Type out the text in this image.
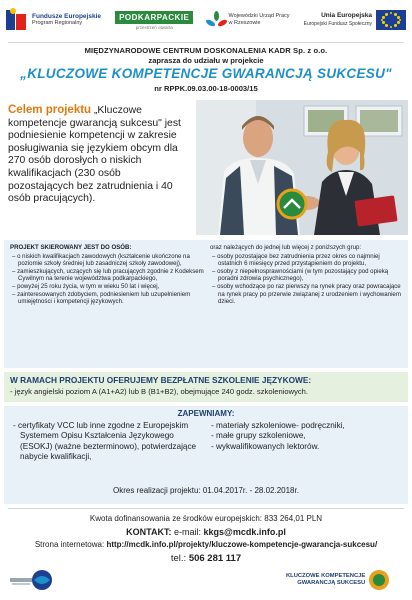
Fundusze Europejskie
Program Regionalny
PODKARPACKIE
przestrzeń otwarta
Wojewódzki Urząd Pracy
w Rzeszowie
Unia Europejska
Europejski Fundusz Społeczny
MIĘDZYNARODOWE CENTRUM DOSKONALENIA KADR Sp. z o.o.
zaprasza do udziału w projekcie
„KLUCZOWE KOMPETENCJE GWARANCJĄ SUKCESU"
nr RPPK.09.03.00-18-0003/15
Celem projektu „Kluczowe kompetencje gwarancją sukcesu" jest podniesienie kompetencji w zakresie posługiwania się językiem obcym dla 270 osób dorosłych o niskich kwalifikacjach (230 osób pozostających bez zatrudnienia i 40 osób pracujących).
PROJEKT SKIEROWANY JEST DO OSÓB:
– o niskich kwalifikacjach zawodowych (kształcenie ukończone na poziomie szkoły średniej lub zasadniczej szkoły zawodowej),
– zamieszkujących, uczących się lub pracujących zgodnie z Kodeksem Cywilnym na terenie województwa podkarpackiego,
– powyżej 25 roku życia, w tym w wieku 50 lat i więcej,
– zainteresowanych zdobyciem, podniesieniem lub uzupełnieniem umiejętności i kompetencji językowych.
oraz należących do jednej lub więcej z poniższych grup:
– osoby pozostające bez zatrudnienia przez okres co najmniej ostatnich 6 miesięcy przed przystąpieniem do projektu,
– osoby z niepełnosprawnościami (w tym pozostający pod opieką poradni zdrowia psychicznego),
– osoby wchodzące po raz pierwszy na rynek pracy oraz powracające na rynek pracy po przerwie związanej z urodzeniem i wychowaniem dzieci.
W RAMACH PROJEKTU OFERUJEMY BEZPŁATNE SZKOLENIE JĘZYKOWE:
- język angielski poziom A (A1+A2) lub B (B1+B2), obejmujące 240 godz. szkoleniowych.
ZAPEWNIAMY:
- certyfikaty VCC lub inne zgodne z Europejskim Systemem Opisu Kształcenia Językowego (ESOKJ) (ważne bezterminowo), potwierdzające nabycie kwalifikacji,
- materiały szkoleniowe- podręczniki,
- małe grupy szkoleniowe,
- wykwalifikowanych lektorów.
Okres realizacji projektu: 01.04.2017r. - 28.02.2018r.
Kwota dofinansowania ze środków europejskich: 833 264,01 PLN
KONTAKT: e-mail: kkgs@mcdk.info.pl
Strona internetowa: http://mcdk.info.pl/projekty/kluczowe-kompetencje-gwarancja-sukcesu/
tel.: 506 281 117
KLUCZOWE KOMPETENCJE
GWARANCJĄ SUKCESU
